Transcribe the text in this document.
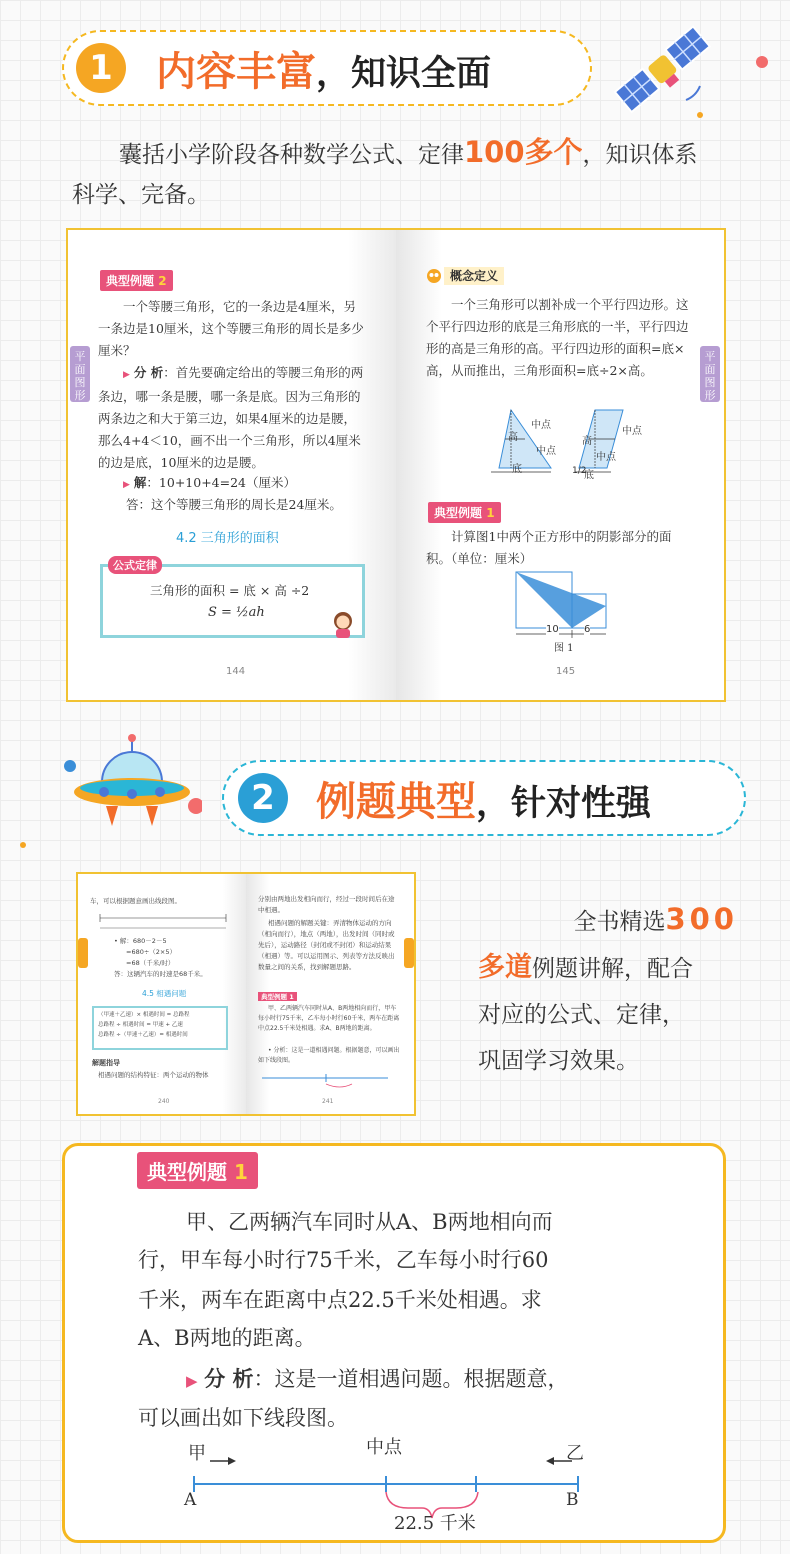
1	内容丰富，知识全面
囊括小学阶段各种数学公式、定律100多个，知识体系
科学、完备。
典型例题 2
一个等腰三角形，它的一条边是4厘米，另一条边是10厘米，这个等腰三角形的周长是多少厘米？
▶ 分 析：首先要确定给出的等腰三角形的两条边，哪一条是腰，哪一条是底。因为三角形的两条边之和大于第三边，如果4厘米的边是腰，那么4+4＜10，画不出一个三角形，所以4厘米的边是底，10厘米的边是腰。
▶ 解：10+10+4=24（厘米）
答：这个等腰三角形的周长是24厘米。
4.2 三角形的面积
公式定律
三角形的面积 = 底 × 高 ÷2
S = ½ah
平面图形
144
概念定义
一个三角形可以割补成一个平行四边形。这个平行四边形的底是三角形底的一半，平行四边形的高是三角形的高。平行四边形的面积=底×高，从而推出，三角形面积=底÷2×高。
中点
高
中点
底
中点
高
中点
1/2
底
典型例题 1
计算图1中两个正方形中的阴影部分的面积。（单位：厘米）
10	6
图 1
平面图形
145
2	例题典型，针对性强
车，可以根据题意画出线段图。
• 解：680－2－5
=680÷（2×5）
=68（千米/时）
答：这辆汽车的时速是68千米。
4.5 相遇问题
（甲速＋乙速）× 相遇时间 = 总路程
总路程 ÷ 相遇时间 = 甲速 + 乙速
总路程 ÷（甲速＋乙速）= 相遇时间
解题指导
相遇问题的结构特征：两个运动的物体
240
分别由两地出发相向而行，经过一段时间后在途中相遇。
相遇问题的解题关键：弄清物体运动的方向（相向而行），地点（两地），出发时间（同时或先后），运动路径（封闭或不封闭）和运动结果（相遇）等。可以运用图示、列表等方法反映出数量之间的关系，找到解题思路。
典型例题 1
甲、乙两辆汽车同时从A、B两地相向而行，甲车每小时行75千米，乙车每小时行60千米，两车在距离中点22.5千米处相遇。求A、B两地的距离。
• 分析：这是一道相遇问题。根据题意，可以画出如下线段图。
241
全书精选300
多道例题讲解，配合
对应的公式、定律，
巩固学习效果。
典型例题 1
甲、乙两辆汽车同时从A、B两地相向而
行，甲车每小时行75千米，乙车每小时行60
千米，两车在距离中点22.5千米处相遇。求
A、B两地的距离。
▶ 分 析：这是一道相遇问题。根据题意，
可以画出如下线段图。
甲	乙
中点
A	B
22.5 千米
